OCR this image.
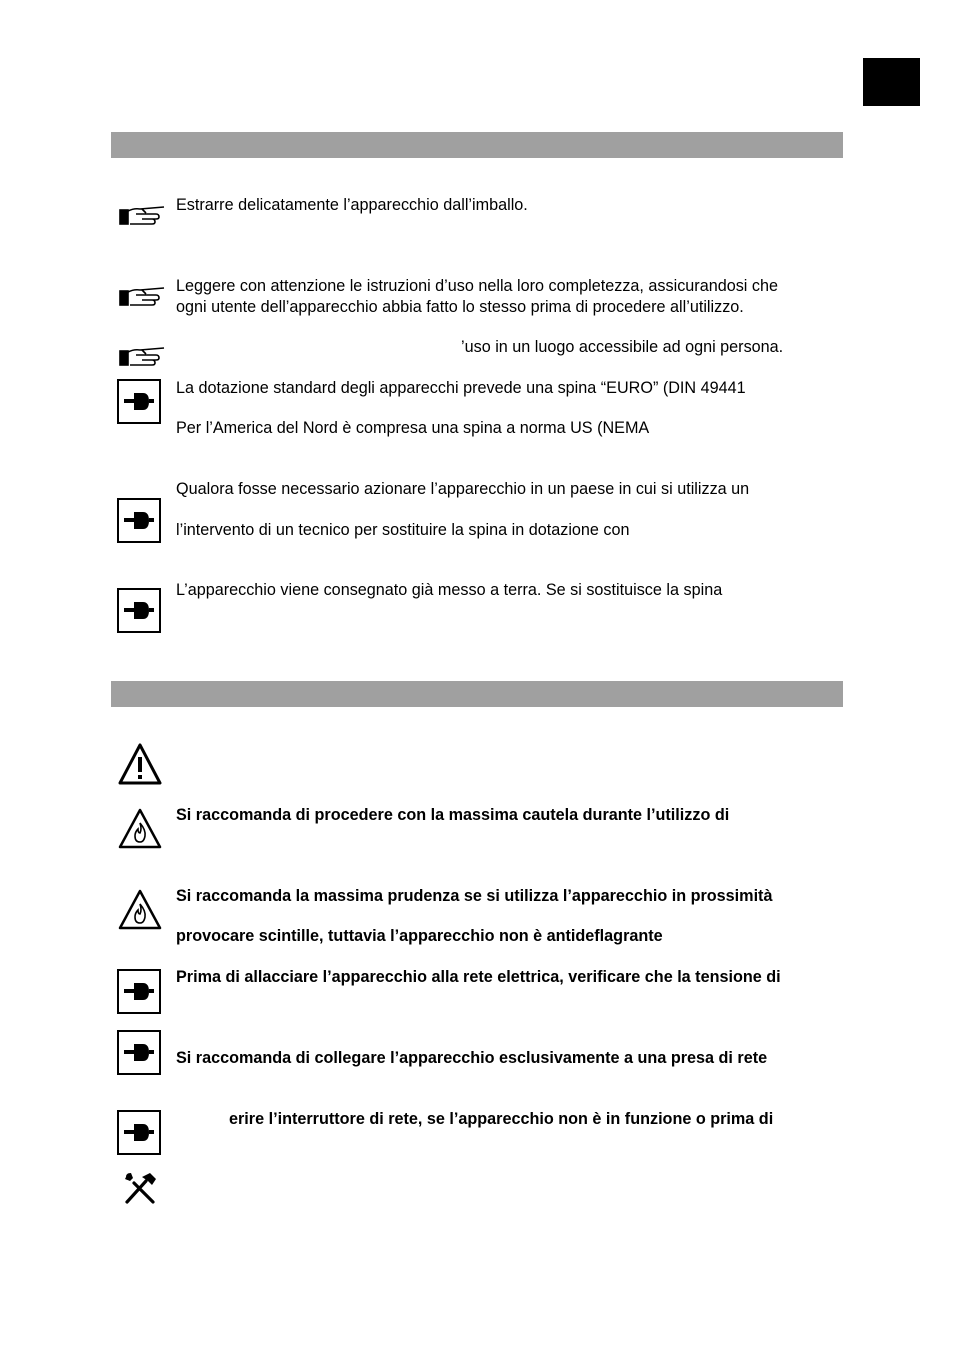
Estrarre delicatamente l’apparecchio dall’imballo.
Leggere con attenzione le istruzioni d’uso nella loro completezza, assicurandosi che
ogni utente dell’apparecchio abbia fatto lo stesso prima di procedere all’utilizzo.
’uso in un luogo accessibile ad ogni persona.
La dotazione standard degli apparecchi prevede una spina “EURO” (DIN 49441
Per l’America del Nord è compresa una spina a norma US (NEMA
Qualora fosse necessario azionare l’apparecchio in un paese in cui si utilizza un
l’intervento di un tecnico per sostituire la spina in dotazione con
L’apparecchio viene consegnato già messo a terra. Se si sostituisce la spina
Si raccomanda di procedere con la massima cautela durante l’utilizzo di
Si raccomanda la massima prudenza se si utilizza l’apparecchio in prossimità
provocare scintille, tuttavia l’apparecchio non è antideflagrante
Prima di allacciare l’apparecchio alla rete elettrica, verificare che la tensione di
Si raccomanda di collegare l’apparecchio esclusivamente a una presa di rete
erire l’interruttore di rete, se l’apparecchio non è in funzione o prima di
